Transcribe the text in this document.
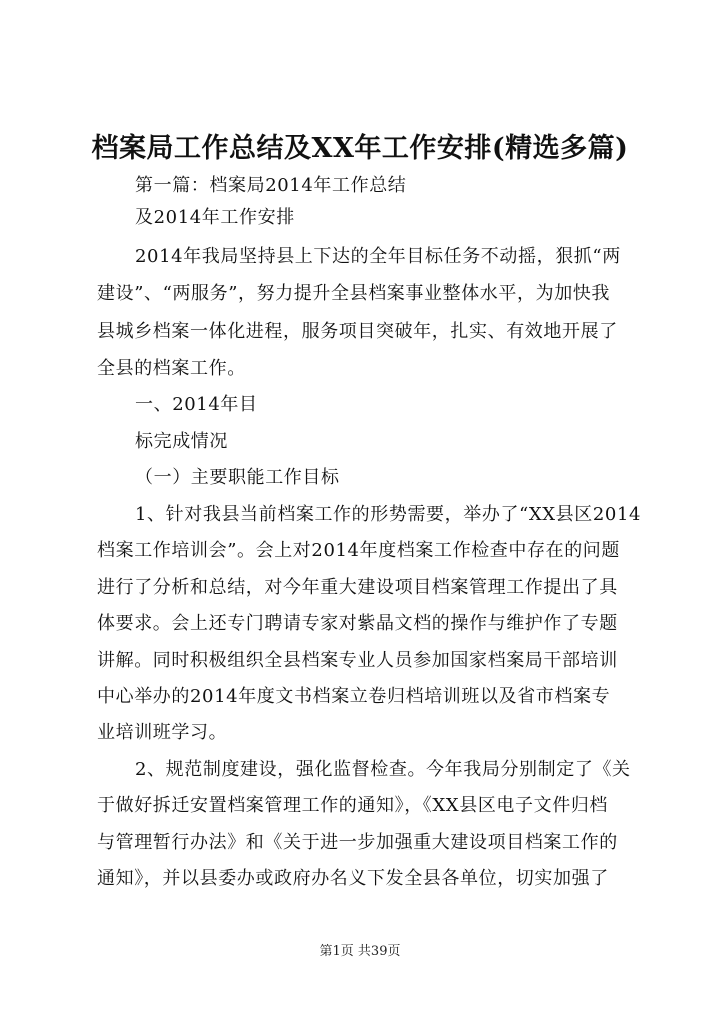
档案局工作总结及XX年工作安排(精选多篇)
第一篇：档案局2014年工作总结
及2014年工作安排
2014年我局坚持县上下达的全年目标任务不动摇，狠抓“两
建设”、“两服务”，努力提升全县档案事业整体水平，为加快我
县城乡档案一体化进程，服务项目突破年，扎实、有效地开展了
全县的档案工作。
一、2014年目
标完成情况
（一）主要职能工作目标
1、针对我县当前档案工作的形势需要，举办了“XX县区2014
档案工作培训会”。会上对2014年度档案工作检查中存在的问题
进行了分析和总结，对今年重大建设项目档案管理工作提出了具
体要求。会上还专门聘请专家对紫晶文档的操作与维护作了专题
讲解。同时积极组织全县档案专业人员参加国家档案局干部培训
中心举办的2014年度文书档案立卷归档培训班以及省市档案专
业培训班学习。
2、规范制度建设，强化监督检查。今年我局分别制定了《关
于做好拆迁安置档案管理工作的通知》，《XX县区电子文件归档
与管理暂行办法》和《关于进一步加强重大建设项目档案工作的
通知》，并以县委办或政府办名义下发全县各单位，切实加强了
第1页 共39页
